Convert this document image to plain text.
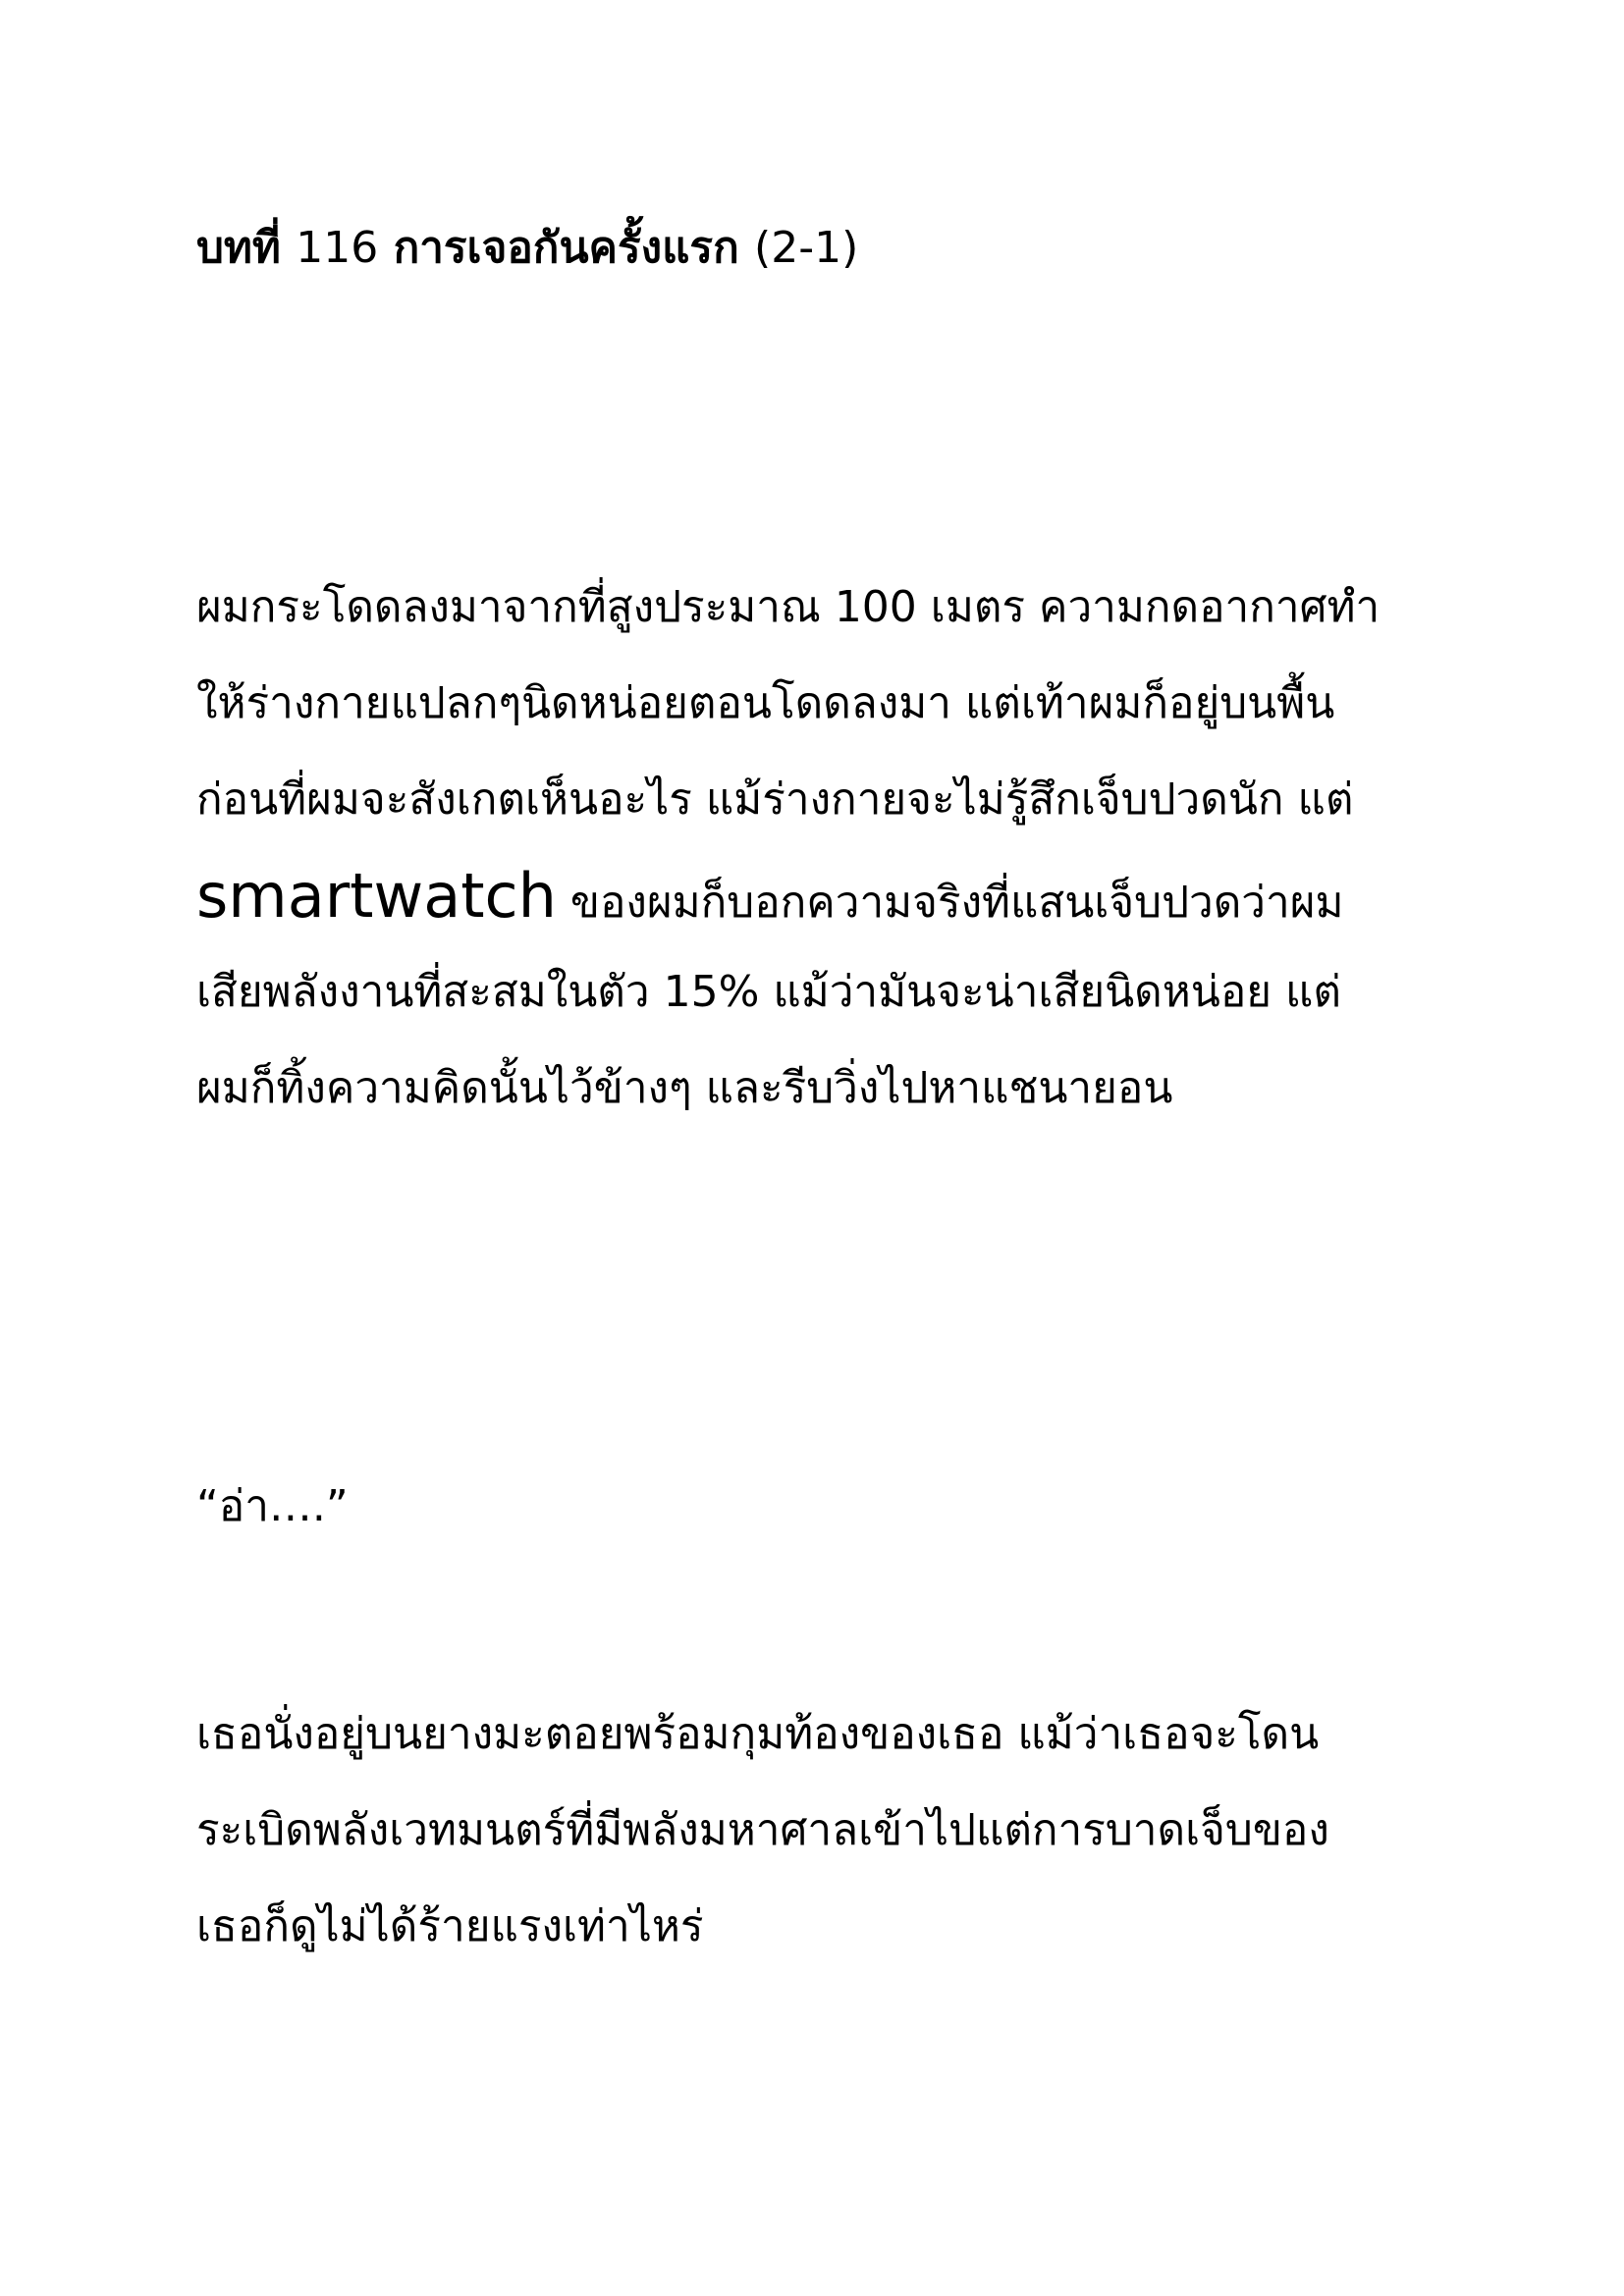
บทที่ 116 การเจอกันครั้งแรก (2-1)

ผมกระโดดลงมาจากที่สูงประมาณ 100 เมตร ความกดอากาศทำ
ให้ร่างกายแปลกๆนิดหน่อยตอนโดดลงมา แต่เท้าผมก็อยู่บนพื้น
ก่อนที่ผมจะสังเกตเห็นอะไร แม้ร่างกายจะไม่รู้สึกเจ็บปวดนัก แต่
smartwatch ของผมก็บอกความจริงที่แสนเจ็บปวดว่าผม
เสียพลังงานที่สะสมในตัว 15% แม้ว่ามันจะน่าเสียนิดหน่อย แต่
ผมก็ทิ้งความคิดนั้นไว้ข้างๆ และรีบวิ่งไปหาแชนายอน

“อ่า….”

เธอนั่งอยู่บนยางมะตอยพร้อมกุมท้องของเธอ แม้ว่าเธอจะโดน
ระเบิดพลังเวทมนตร์ที่มีพลังมหาศาลเข้าไปแต่การบาดเจ็บของ
เธอก็ดูไม่ได้ร้ายแรงเท่าไหร่
